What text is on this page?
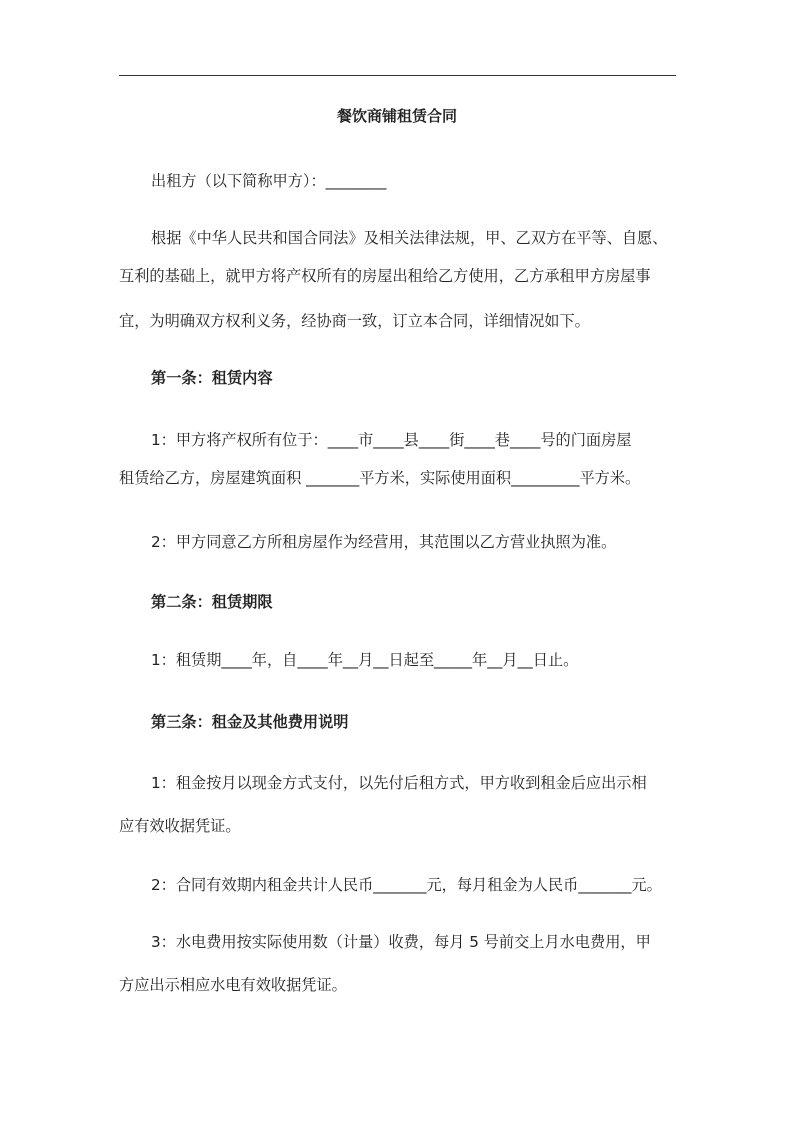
餐饮商铺租赁合同
出租方（以下简称甲方）：________
根据《中华人民共和国合同法》及相关法律法规，甲、乙双方在平等、自愿、
互利的基础上，就甲方将产权所有的房屋出租给乙方使用，乙方承租甲方房屋事
宜，为明确双方权利义务，经协商一致，订立本合同，详细情况如下。
第一条：租赁内容
1：甲方将产权所有位于：____市____县____街____巷____号的门面房屋
租赁给乙方，房屋建筑面积 _______平方米，实际使用面积_________平方米。
2：甲方同意乙方所租房屋作为经营用，其范围以乙方营业执照为准。
第二条：租赁期限
1：租赁期____年，自____年__月__日起至_____年__月__日止。
第三条：租金及其他费用说明
1：租金按月以现金方式支付，以先付后租方式，甲方收到租金后应出示相
应有效收据凭证。
2：合同有效期内租金共计人民币_______元，每月租金为人民币_______元。
3：水电费用按实际使用数（计量）收费，每月 5 号前交上月水电费用，甲
方应出示相应水电有效收据凭证。
